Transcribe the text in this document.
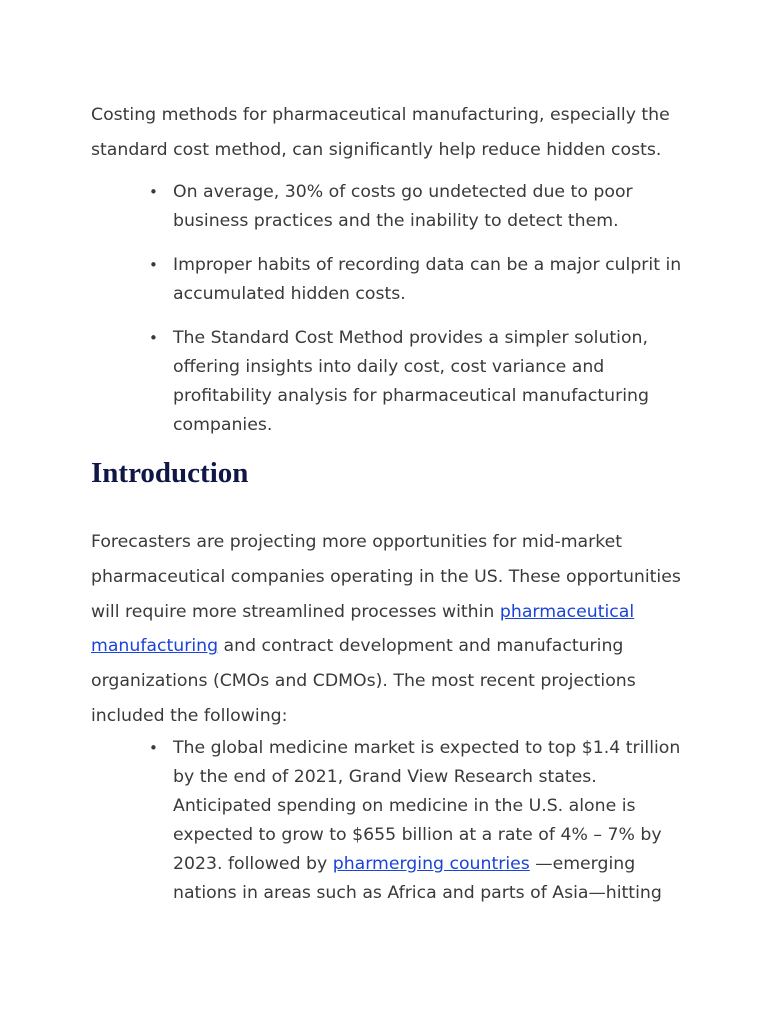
Costing methods for pharmaceutical manufacturing, especially the standard cost method, can significantly help reduce hidden costs.

• On average, 30% of costs go undetected due to poor business practices and the inability to detect them.
• Improper habits of recording data can be a major culprit in accumulated hidden costs.
• The Standard Cost Method provides a simpler solution, offering insights into daily cost, cost variance and profitability analysis for pharmaceutical manufacturing companies.
Introduction

Forecasters are projecting more opportunities for mid-market pharmaceutical companies operating in the US. These opportunities will require more streamlined processes within pharmaceutical manufacturing and contract development and manufacturing organizations (CMOs and CDMOs). The most recent projections included the following:

• The global medicine market is expected to top $1.4 trillion by the end of 2021, Grand View Research states. Anticipated spending on medicine in the U.S. alone is expected to grow to $655 billion at a rate of 4% – 7% by 2023. followed by pharmerging countries —emerging nations in areas such as Africa and parts of Asia—hitting
